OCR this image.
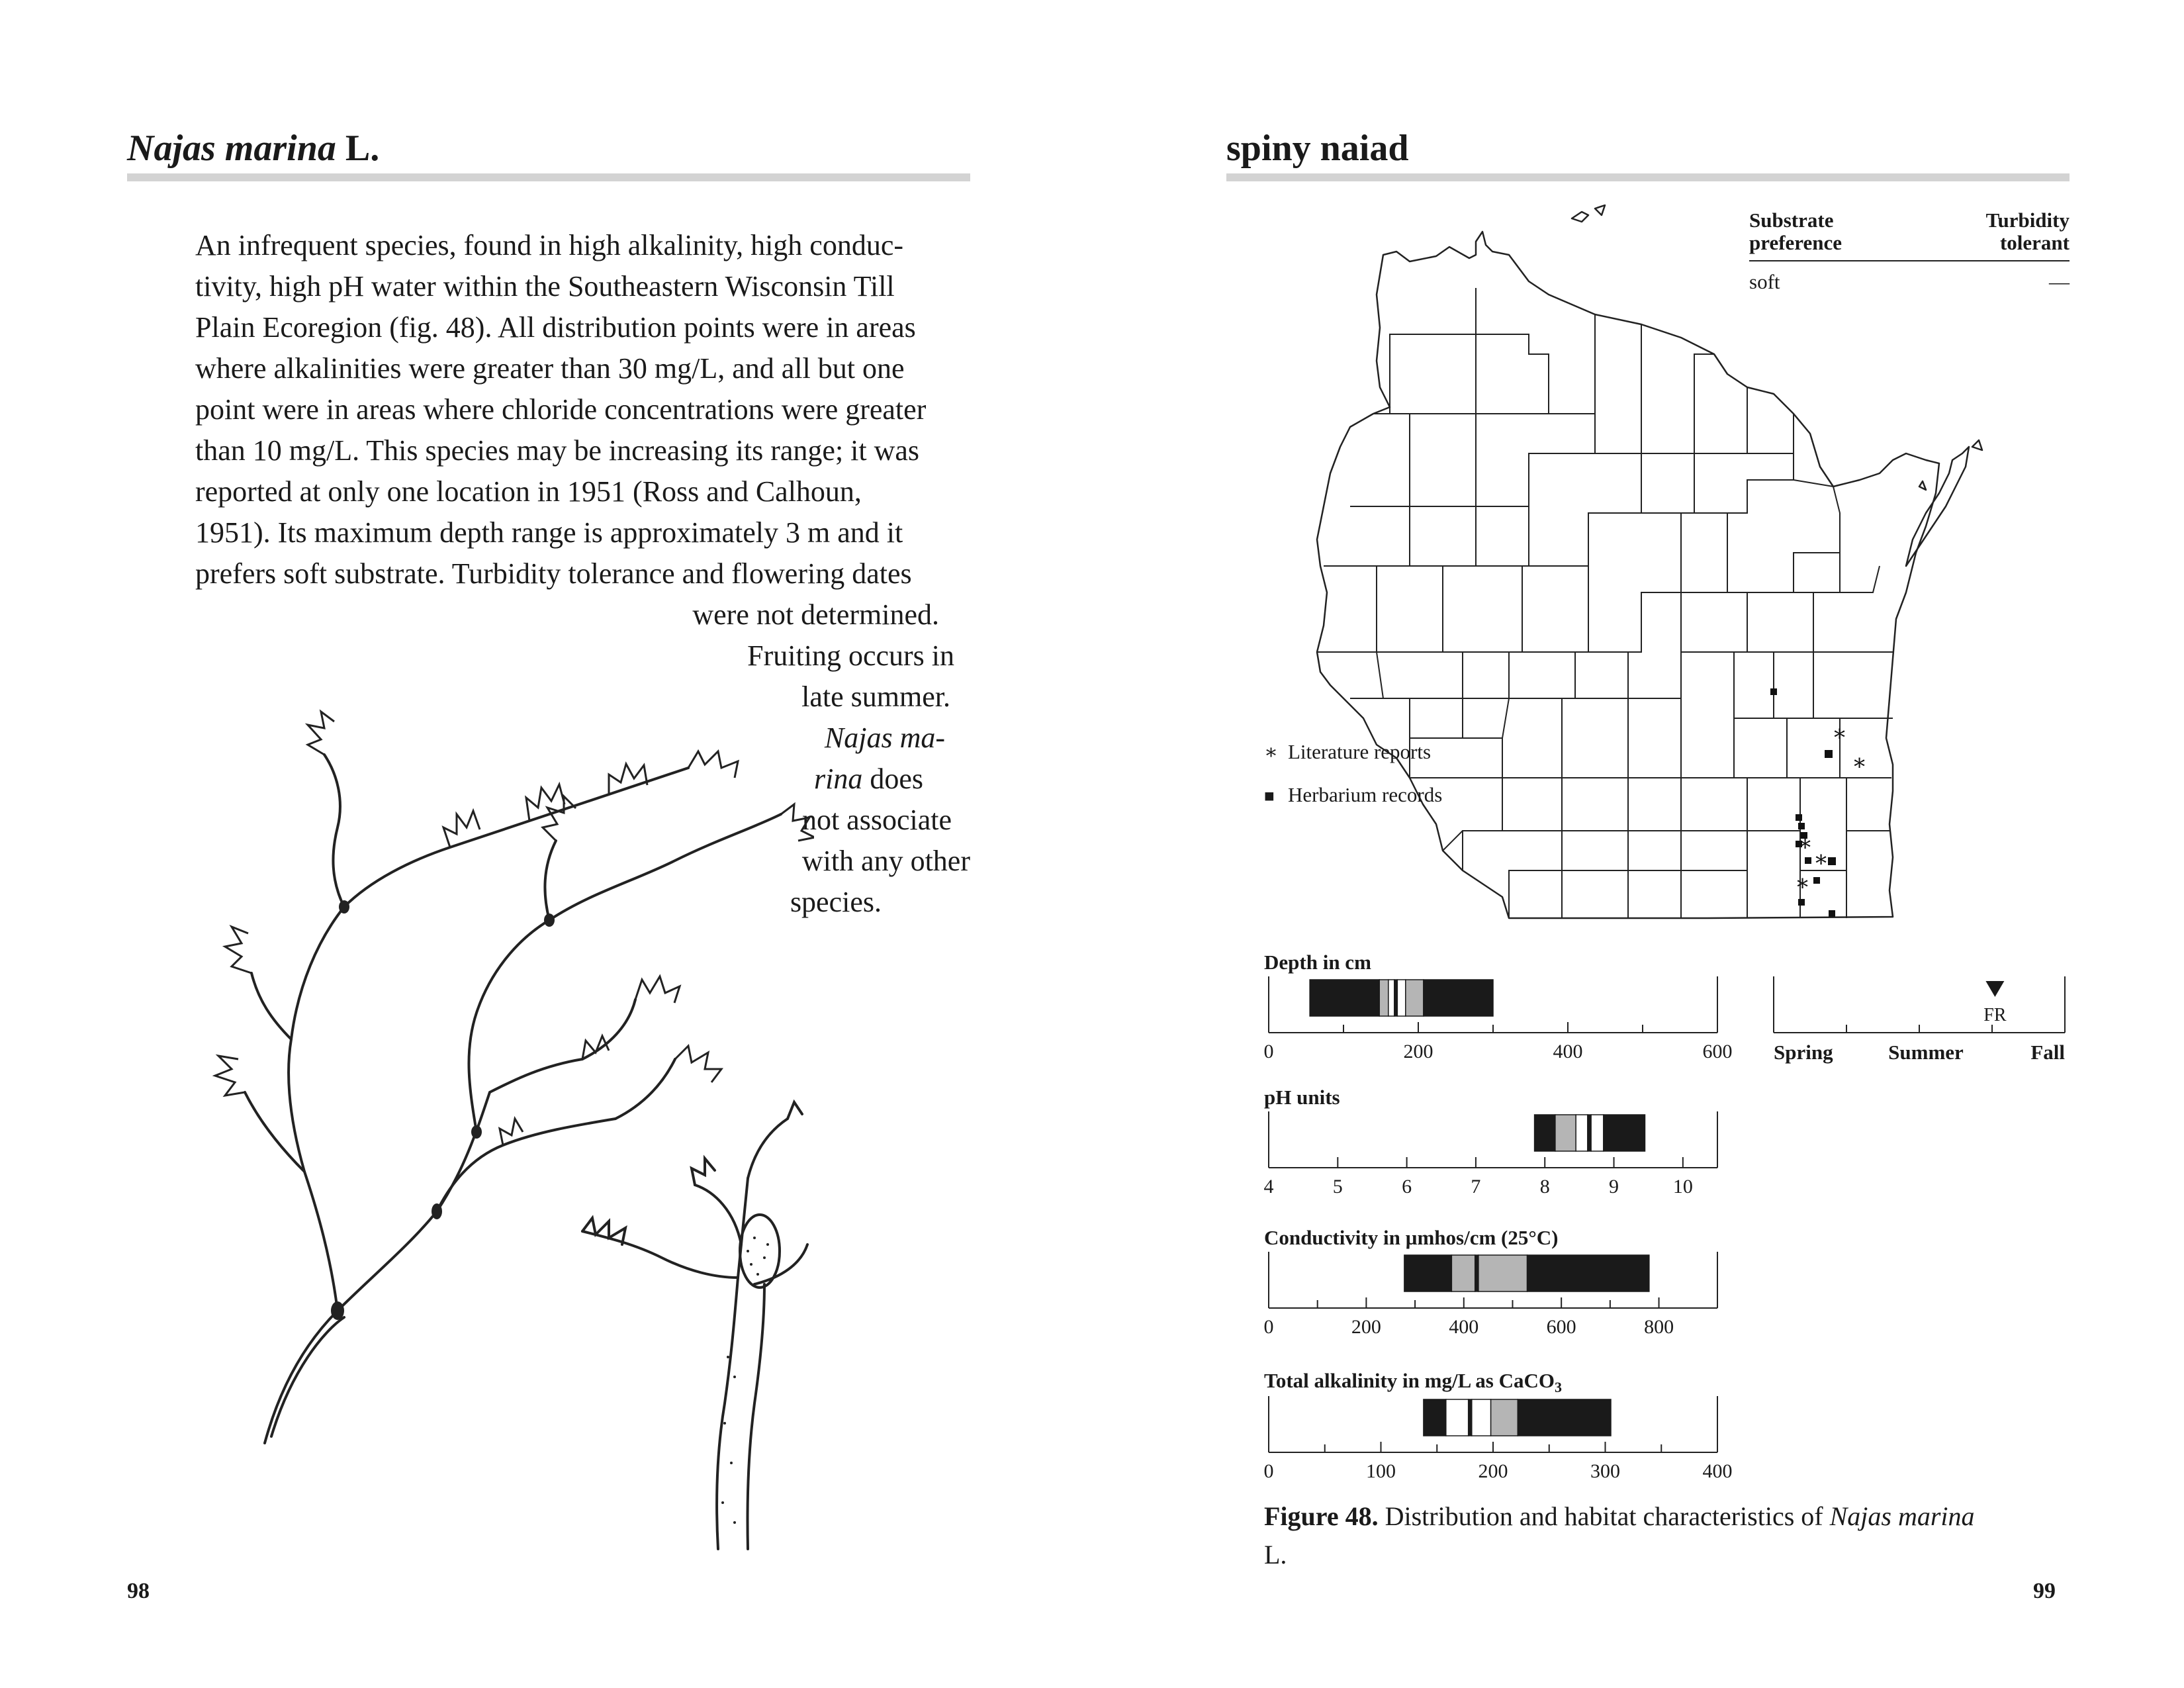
Najas marina L.
An infrequent species, found in high alkalinity, high conduc-
tivity, high pH water within the Southeastern Wisconsin Till
Plain Ecoregion (fig. 48). All distribution points were in areas
where alkalinities were greater than 30 mg/L, and all but one
point were in areas where chloride concentrations were greater
than 10 mg/L. This species may be increasing its range; it was
reported at only one location in 1951 (Ross and Calhoun,
1951). Its maximum depth range is approximately 3 m and it
prefers soft substrate. Turbidity tolerance and flowering dates
were not determined.
Fruiting occurs in
late summer.
Najas ma-
rina does
not associate
with any other
species.
98
spiny naiad
Substrate
preference
Turbidity
tolerant
soft	—
∗
∗
∗
∗
∗
∗ Literature reports
■ Herbarium records
Depth in cm
0	200	400	600
pH units
4	5	6	7	8	9	10
Conductivity in µmhos/cm (25°C)
0	200	400	600	800
Total alkalinity in mg/L as CaCO$_3$
0	100	200	300	400
Spring	Summer	Fall
FR
Figure 48. Distribution and habitat characteristics of Najas marina
L.
99
